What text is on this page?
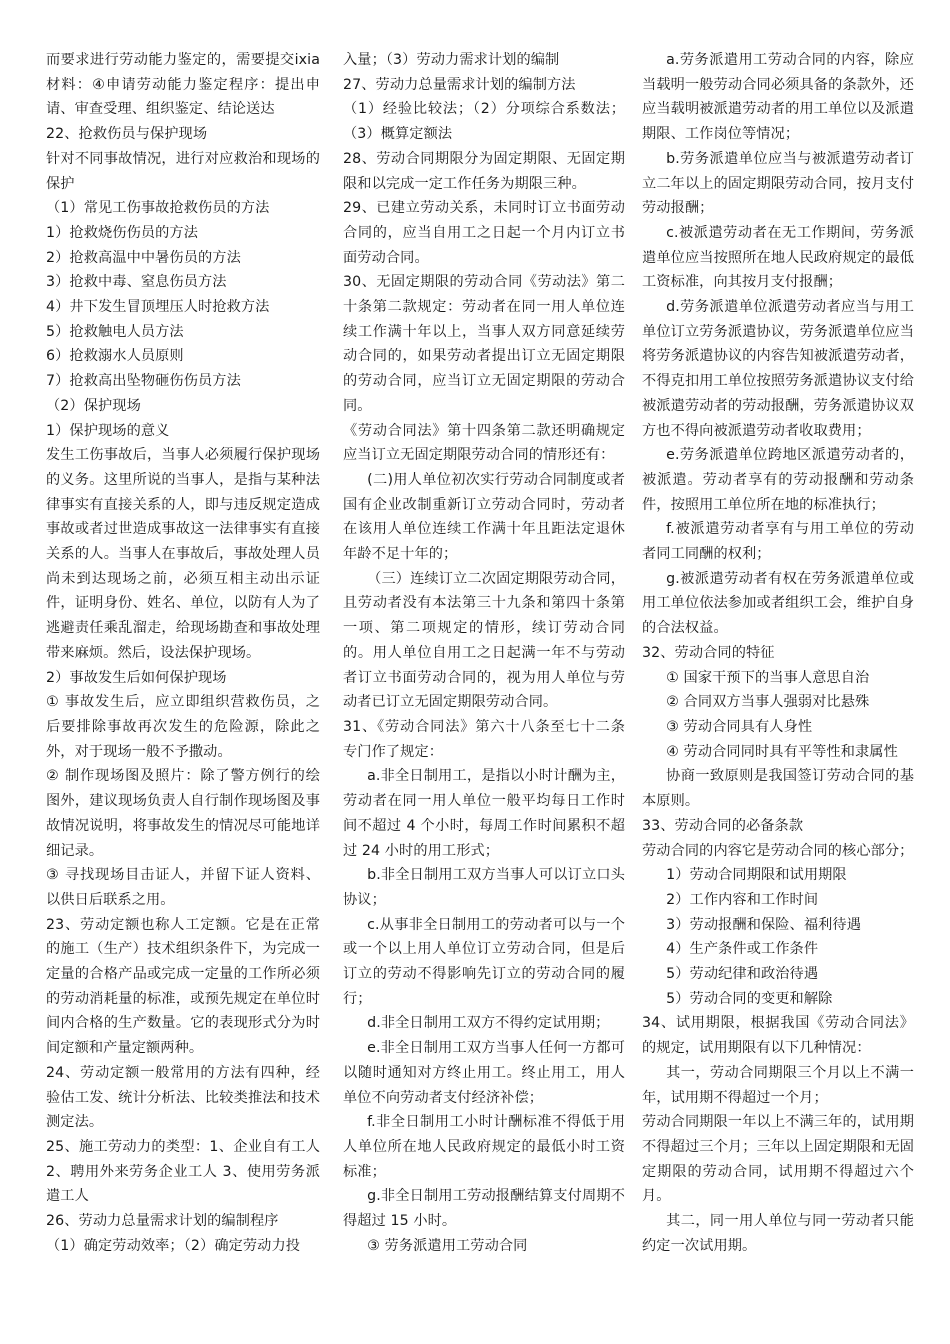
而要求进行劳动能力鉴定的，需要提交ixia材料：④申请劳动能力鉴定程序：提出申请、审查受理、组织鉴定、结论送达

22、抢救伤员与保护现场

针对不同事故情况，进行对应救治和现场的保护

（1）常见工伤事故抢救伤员的方法

1）抢救烧伤伤员的方法

2）抢救高温中中暑伤员的方法

3）抢救中毒、窒息伤员方法

4）井下发生冒顶埋压人时抢救方法

5）抢救触电人员方法

6）抢救溺水人员原则

7）抢救高出坠物砸伤伤员方法

（2）保护现场

1）保护现场的意义

发生工伤事故后，当事人必须履行保护现场的义务。这里所说的当事人，是指与某种法律事实有直接关系的人，即与违反规定造成事故或者过世造成事故这一法律事实有直接关系的人。当事人在事故后，事故处理人员尚未到达现场之前，必须互相主动出示证件，证明身份、姓名、单位，以防有人为了逃避责任乘乱溜走，给现场勘查和事故处理带来麻烦。然后，设法保护现场。

2）事故发生后如何保护现场

① 事故发生后，应立即组织营救伤员，之后要排除事故再次发生的危险源，除此之外，对于现场一般不予撒动。

② 制作现场图及照片：除了警方例行的绘图外，建议现场负责人自行制作现场图及事故情况说明，将事故发生的情况尽可能地详细记录。

③ 寻找现场目击证人，并留下证人资料、以供日后联系之用。

23、劳动定额也称人工定额。它是在正常的施工（生产）技术组织条件下，为完成一定量的合格产品或完成一定量的工作所必须的劳动消耗量的标准，或预先规定在单位时间内合格的生产数量。它的表现形式分为时间定额和产量定额两种。

24、劳动定额一般常用的方法有四种，经验估工发、统计分析法、比较类推法和技术测定法。

25、施工劳动力的类型：1、企业自有工人 2、聘用外来劳务企业工人 3、使用劳务派遣工人

26、劳动力总量需求计划的编制程序

（1）确定劳动效率；（2）确定劳动力投

入量；（3）劳动力需求计划的编制

27、劳动力总量需求计划的编制方法

（1）经验比较法；（2）分项综合系数法；（3）概算定额法

28、劳动合同期限分为固定期限、无固定期限和以完成一定工作任务为期限三种。

29、已建立劳动关系，未同时订立书面劳动合同的，应当自用工之日起一个月内订立书面劳动合同。

30、无固定期限的劳动合同《劳动法》第二十条第二款规定：劳动者在同一用人单位连续工作满十年以上，当事人双方同意延续劳动合同的，如果劳动者提出订立无固定期限的劳动合同，应当订立无固定期限的劳动合同。

《劳动合同法》第十四条第二款还明确规定应当订立无固定期限劳动合同的情形还有：

(二)用人单位初次实行劳动合同制度或者国有企业改制重新订立劳动合同时，劳动者在该用人单位连续工作满十年且距法定退休年龄不足十年的；

（三）连续订立二次固定期限劳动合同，且劳动者没有本法第三十九条和第四十条第一项、第二项规定的情形，续订劳动合同的。用人单位自用工之日起满一年不与劳动者订立书面劳动合同的，视为用人单位与劳动者已订立无固定期限劳动合同。

31、《劳动合同法》第六十八条至七十二条专门作了规定：

a.非全日制用工，是指以小时计酬为主，劳动者在同一用人单位一般平均每日工作时间不超过 4 个小时，每周工作时间累积不超过 24 小时的用工形式；

b.非全日制用工双方当事人可以订立口头协议；

c.从事非全日制用工的劳动者可以与一个或一个以上用人单位订立劳动合同，但是后订立的劳动不得影响先订立的劳动合同的履行；

d.非全日制用工双方不得约定试用期；

e.非全日制用工双方当事人任何一方都可以随时通知对方终止用工。终止用工，用人单位不向劳动者支付经济补偿；

f.非全日制用工小时计酬标准不得低于用人单位所在地人民政府规定的最低小时工资标准；

g.非全日制用工劳动报酬结算支付周期不得超过 15 小时。

③ 劳务派遣用工劳动合同

a.劳务派遣用工劳动合同的内容，除应当载明一般劳动合同必须具备的条款外，还应当载明被派遣劳动者的用工单位以及派遣期限、工作岗位等情况；

b.劳务派遣单位应当与被派遣劳动者订立二年以上的固定期限劳动合同，按月支付劳动报酬；

c.被派遣劳动者在无工作期间，劳务派遣单位应当按照所在地人民政府规定的最低工资标准，向其按月支付报酬；

d.劳务派遣单位派遣劳动者应当与用工单位订立劳务派遣协议，劳务派遣单位应当将劳务派遣协议的内容告知被派遣劳动者，不得克扣用工单位按照劳务派遣协议支付给被派遣劳动者的劳动报酬，劳务派遣协议双方也不得向被派遣劳动者收取费用；

e.劳务派遣单位跨地区派遣劳动者的，被派遣。劳动者享有的劳动报酬和劳动条件，按照用工单位所在地的标准执行；

f.被派遣劳动者享有与用工单位的劳动者同工同酬的权利；

g.被派遣劳动者有权在劳务派遣单位或用工单位依法参加或者组织工会，维护自身的合法权益。

32、劳动合同的特征

① 国家干预下的当事人意思自治

② 合同双方当事人强弱对比悬殊

③ 劳动合同具有人身性

④ 劳动合同同时具有平等性和隶属性

协商一致原则是我国签订劳动合同的基本原则。

33、劳动合同的必备条款

劳动合同的内容它是劳动合同的核心部分；

1）劳动合同期限和试用期限

2）工作内容和工作时间

3）劳动报酬和保险、福利待遇

4）生产条件或工作条件

5）劳动纪律和政治待遇

5）劳动合同的变更和解除

34、试用期限，根据我国《劳动合同法》的规定，试用期限有以下几种情况：

其一，劳动合同期限三个月以上不满一年，试用期不得超过一个月；

劳动合同期限一年以上不满三年的，试用期不得超过三个月；三年以上固定期限和无固定期限的劳动合同，试用期不得超过六个月。

其二，同一用人单位与同一劳动者只能约定一次试用期。
